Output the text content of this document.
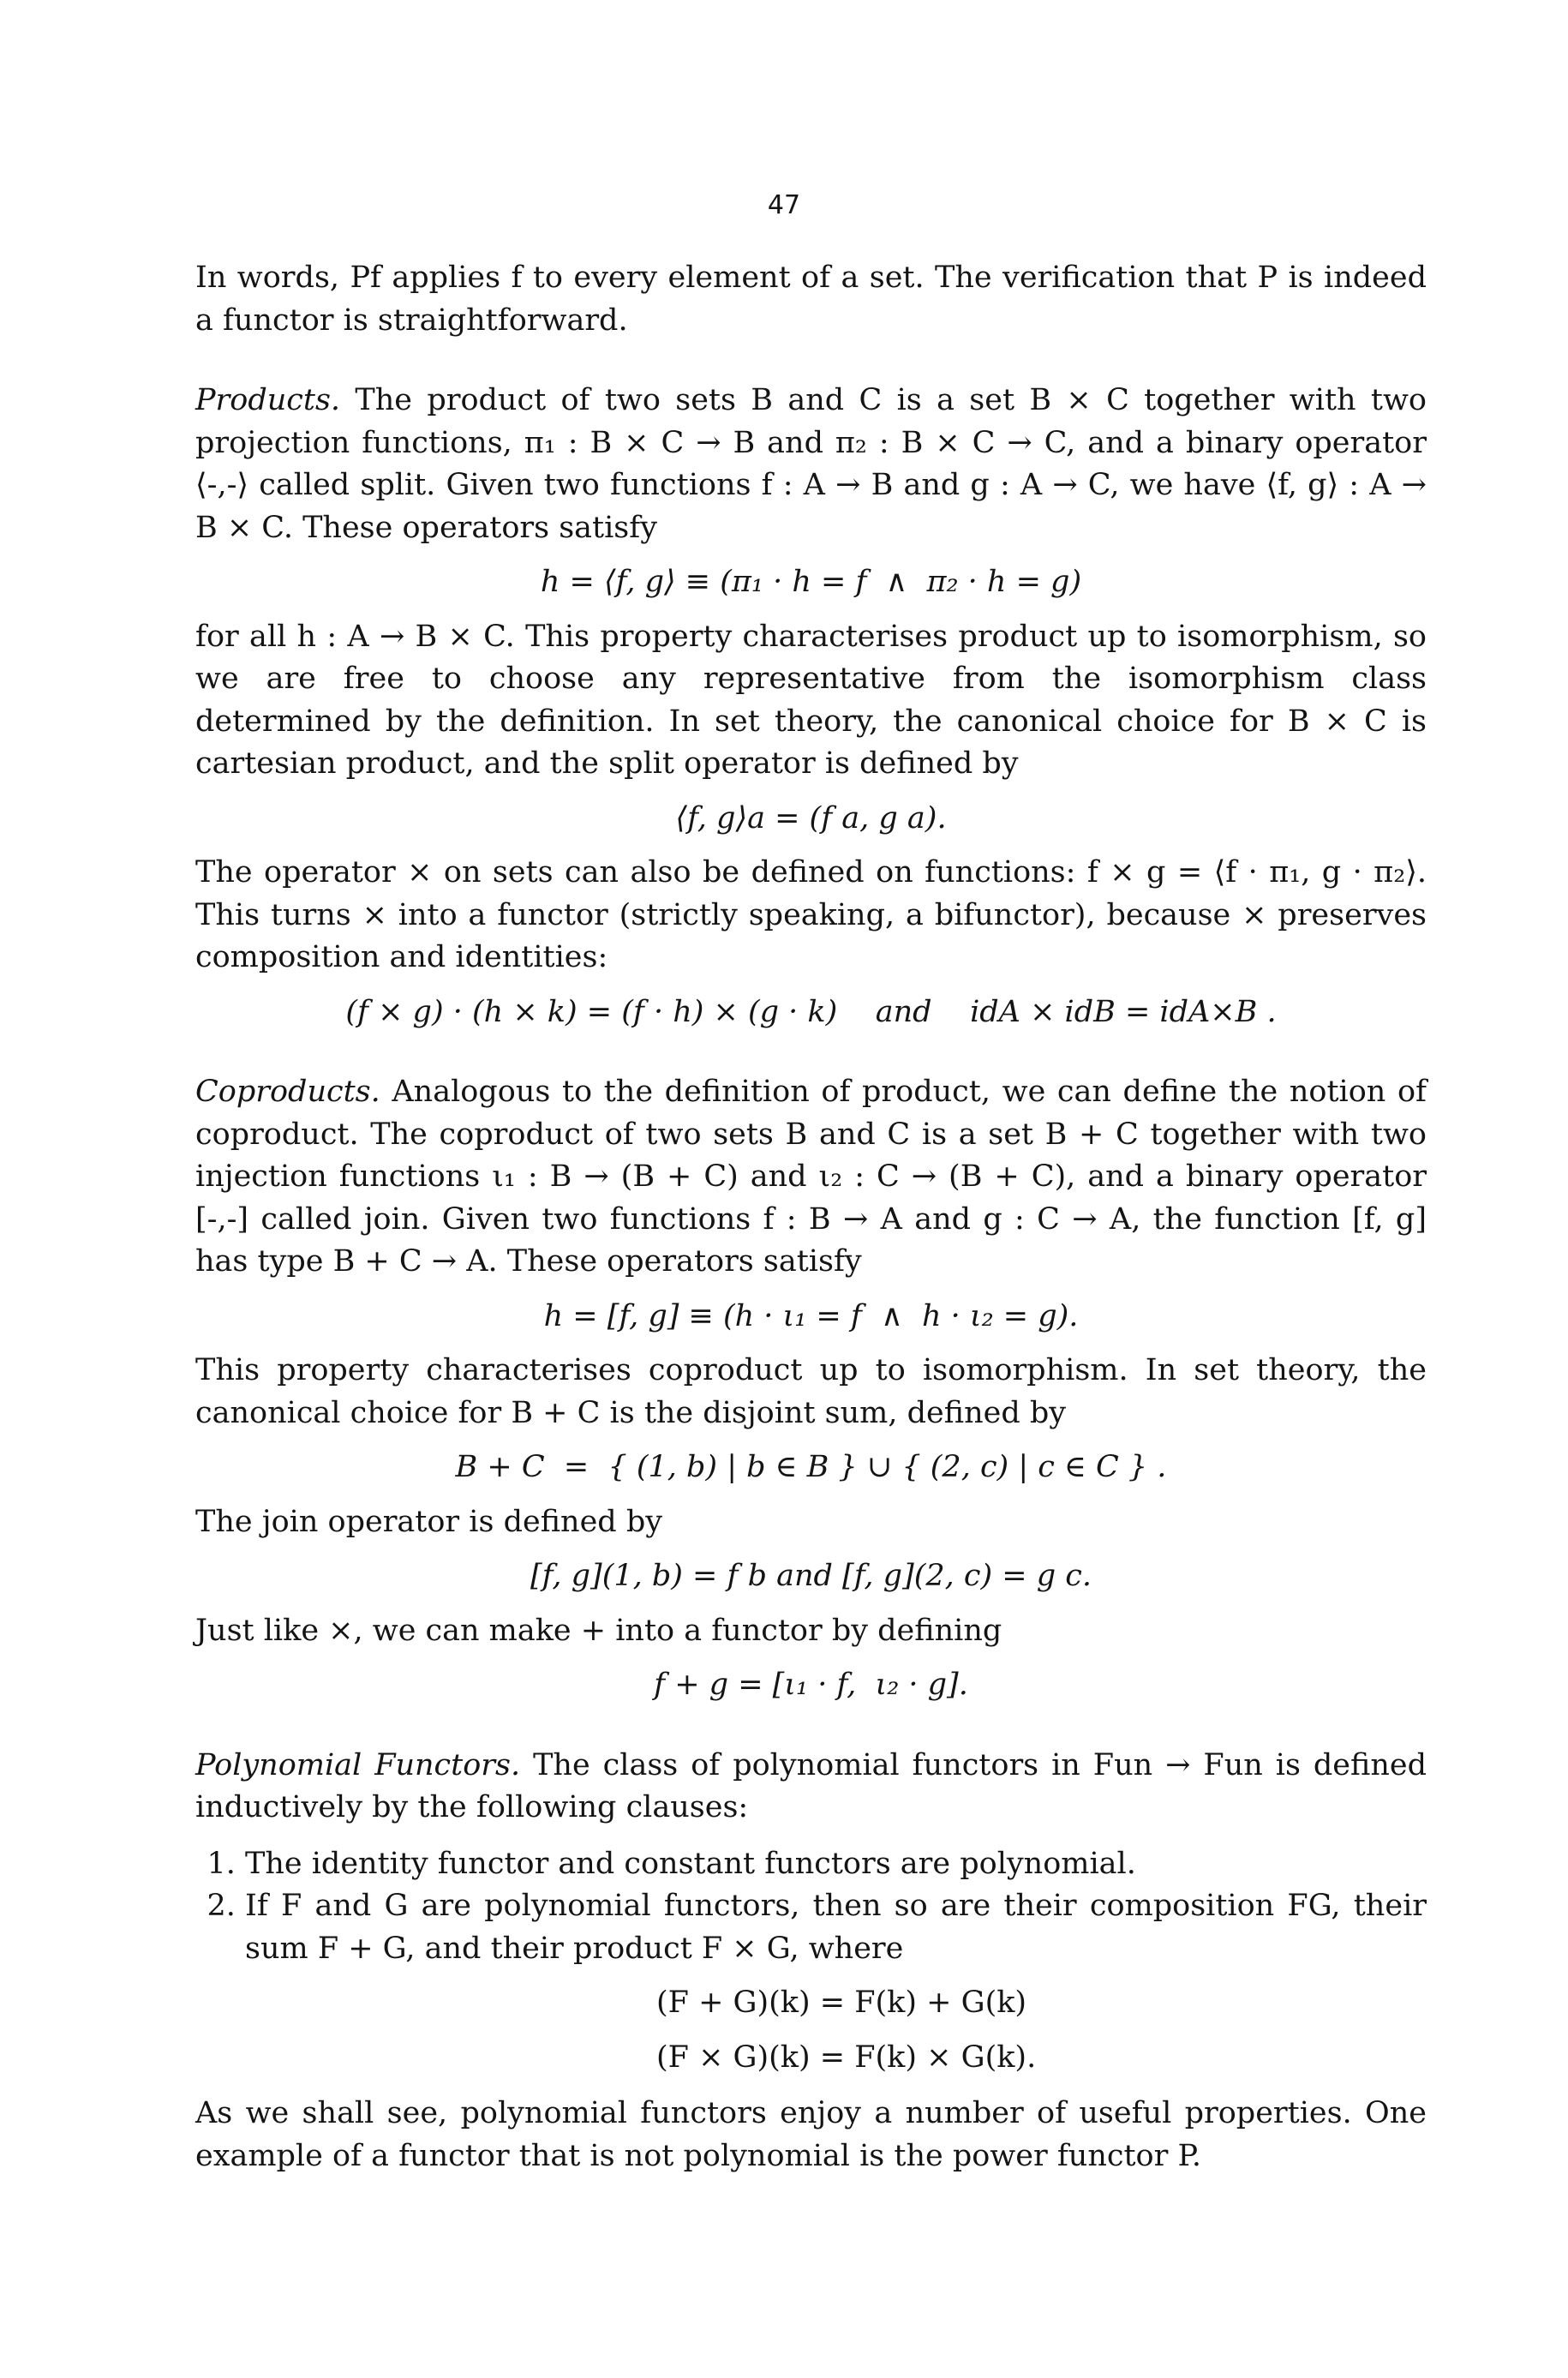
47

In words, Pf applies f to every element of a set. The verification that P is indeed a functor is straightforward.

Products. The product of two sets B and C is a set B × C together with two projection functions, π₁ : B × C → B and π₂ : B × C → C, and a binary operator ⟨-,-⟩ called split. Given two functions f : A → B and g : A → C, we have ⟨f, g⟩ : A → B × C. These operators satisfy

h = ⟨f, g⟩ ≡ (π₁ · h = f  ∧  π₂ · h = g)

for all h : A → B × C. This property characterises product up to isomorphism, so we are free to choose any representative from the isomorphism class determined by the definition. In set theory, the canonical choice for B × C is cartesian product, and the split operator is defined by

⟨f, g⟩a = (f a, g a).

The operator × on sets can also be defined on functions: f × g = ⟨f · π₁, g · π₂⟩. This turns × into a functor (strictly speaking, a bifunctor), because × preserves composition and identities:

(f × g) · (h × k) = (f · h) × (g · k)    and    idA × idB = idA×B .

Coproducts. Analogous to the definition of product, we can define the notion of coproduct. The coproduct of two sets B and C is a set B + C together with two injection functions ι₁ : B → (B + C) and ι₂ : C → (B + C), and a binary operator [-,-] called join. Given two functions f : B → A and g : C → A, the function [f, g] has type B + C → A. These operators satisfy

h = [f, g] ≡ (h · ι₁ = f  ∧  h · ι₂ = g).

This property characterises coproduct up to isomorphism. In set theory, the canonical choice for B + C is the disjoint sum, defined by

B + C  =  { (1, b) | b ∈ B } ∪ { (2, c) | c ∈ C } .

The join operator is defined by

[f, g](1, b) = f b and [f, g](2, c) = g c.

Just like ×, we can make + into a functor by defining

f + g = [ι₁ · f,  ι₂ · g].

Polynomial Functors. The class of polynomial functors in Fun → Fun is defined inductively by the following clauses:

1. The identity functor and constant functors are polynomial.
2. If F and G are polynomial functors, then so are their composition FG, their sum F + G, and their product F × G, where
(F + G)(k) = F(k) + G(k)
(F × G)(k) = F(k) × G(k).

As we shall see, polynomial functors enjoy a number of useful properties. One example of a functor that is not polynomial is the power functor P.
